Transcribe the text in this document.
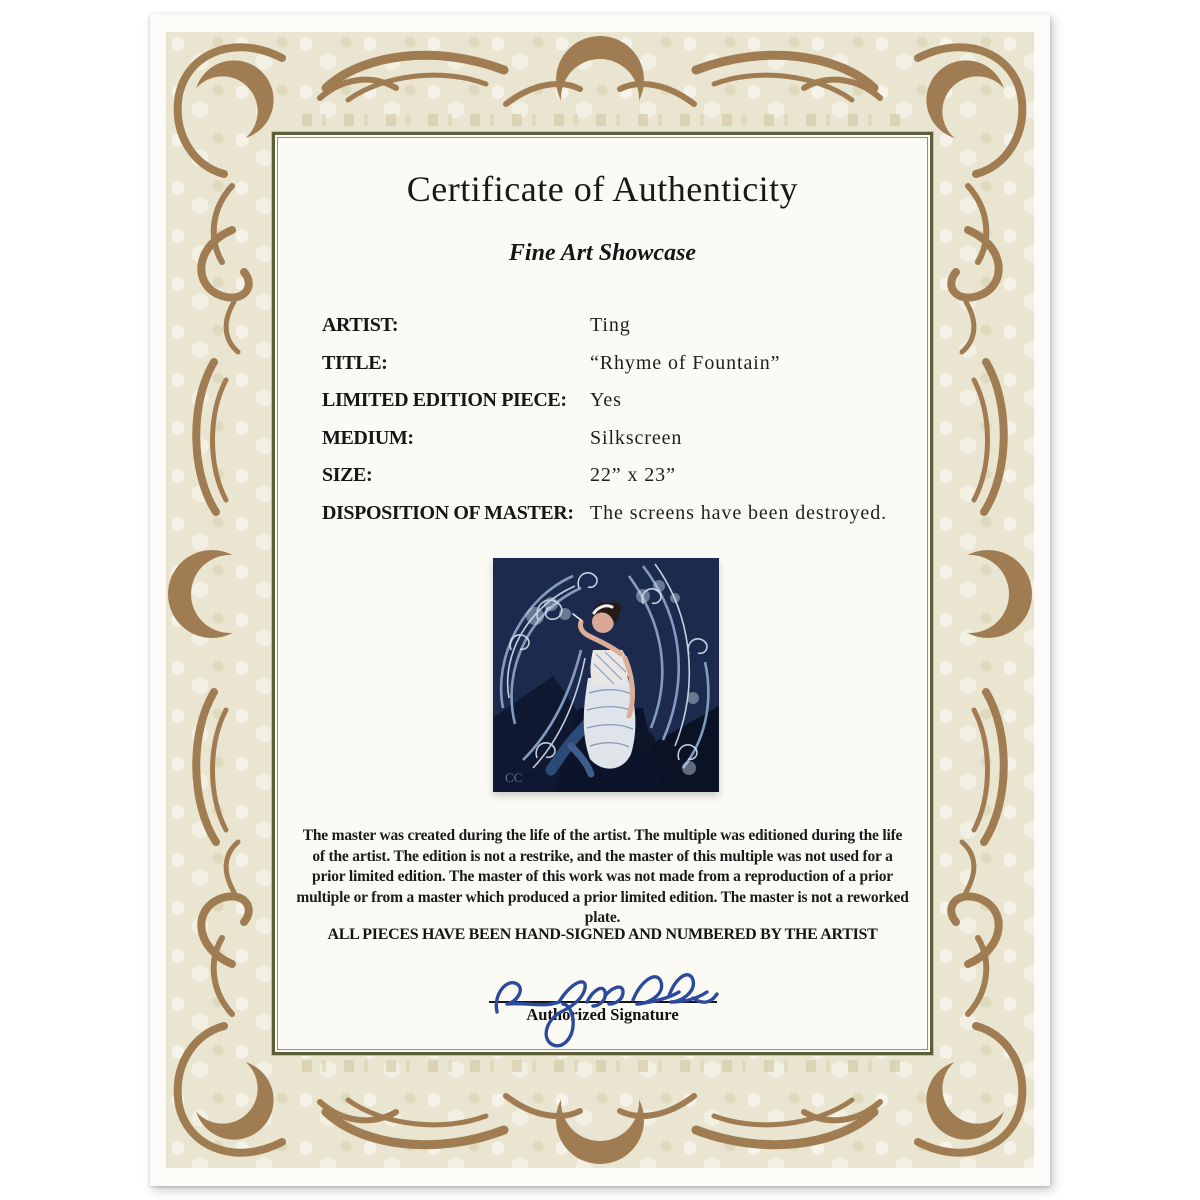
Certificate of Authenticity
Fine Art Showcase
ARTIST:	Ting
TITLE:	“Rhyme of Fountain”
LIMITED EDITION PIECE:	Yes
MEDIUM:	Silkscreen
SIZE:	22” x 23”
DISPOSITION OF MASTER: The screens have been destroyed.
CC

The master was created during the life of the artist. The multiple was editioned during the life of the artist. The edition is not a restrike, and the master of this multiple was not used for a prior limited edition. The master of this work was not made from a reproduction of a prior multiple or from a master which produced a prior limited edition. The master is not a reworked plate.

ALL PIECES HAVE BEEN HAND-SIGNED AND NUMBERED BY THE ARTIST

Authorized Signature
